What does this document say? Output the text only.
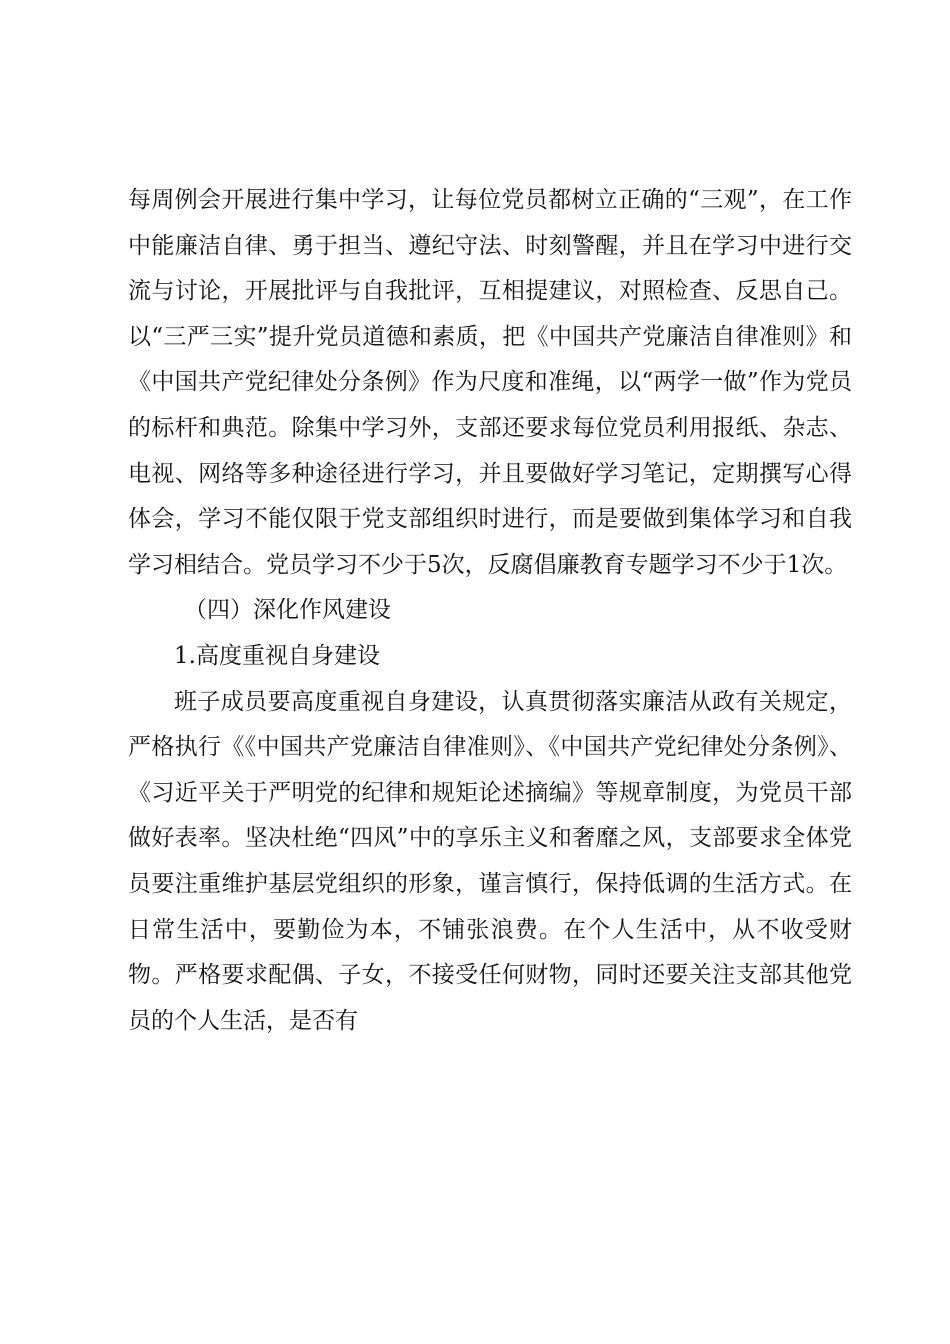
每周例会开展进行集中学习，让每位党员都树立正确的“三观”，在工作中能廉洁自律、勇于担当、遵纪守法、时刻警醒，并且在学习中进行交流与讨论，开展批评与自我批评，互相提建议，对照检查、反思自己。以“三严三实”提升党员道德和素质，把《中国共产党廉洁自律准则》和《中国共产党纪律处分条例》作为尺度和准绳，以“两学一做”作为党员的标杆和典范。除集中学习外，支部还要求每位党员利用报纸、杂志、电视、网络等多种途径进行学习，并且要做好学习笔记，定期撰写心得体会，学习不能仅限于党支部组织时进行，而是要做到集体学习和自我学习相结合。党员学习不少于5次，反腐倡廉教育专题学习不少于1次。

（四）深化作风建设

1.高度重视自身建设

班子成员要高度重视自身建设，认真贯彻落实廉洁从政有关规定，严格执行《《中国共产党廉洁自律准则》、《中国共产党纪律处分条例》、《习近平关于严明党的纪律和规矩论述摘编》等规章制度，为党员干部做好表率。坚决杜绝“四风”中的享乐主义和奢靡之风，支部要求全体党员要注重维护基层党组织的形象，谨言慎行，保持低调的生活方式。在日常生活中，要勤俭为本，不铺张浪费。在个人生活中，从不收受财物。严格要求配偶、子女，不接受任何财物，同时还要关注支部其他党员的个人生活，是否有
